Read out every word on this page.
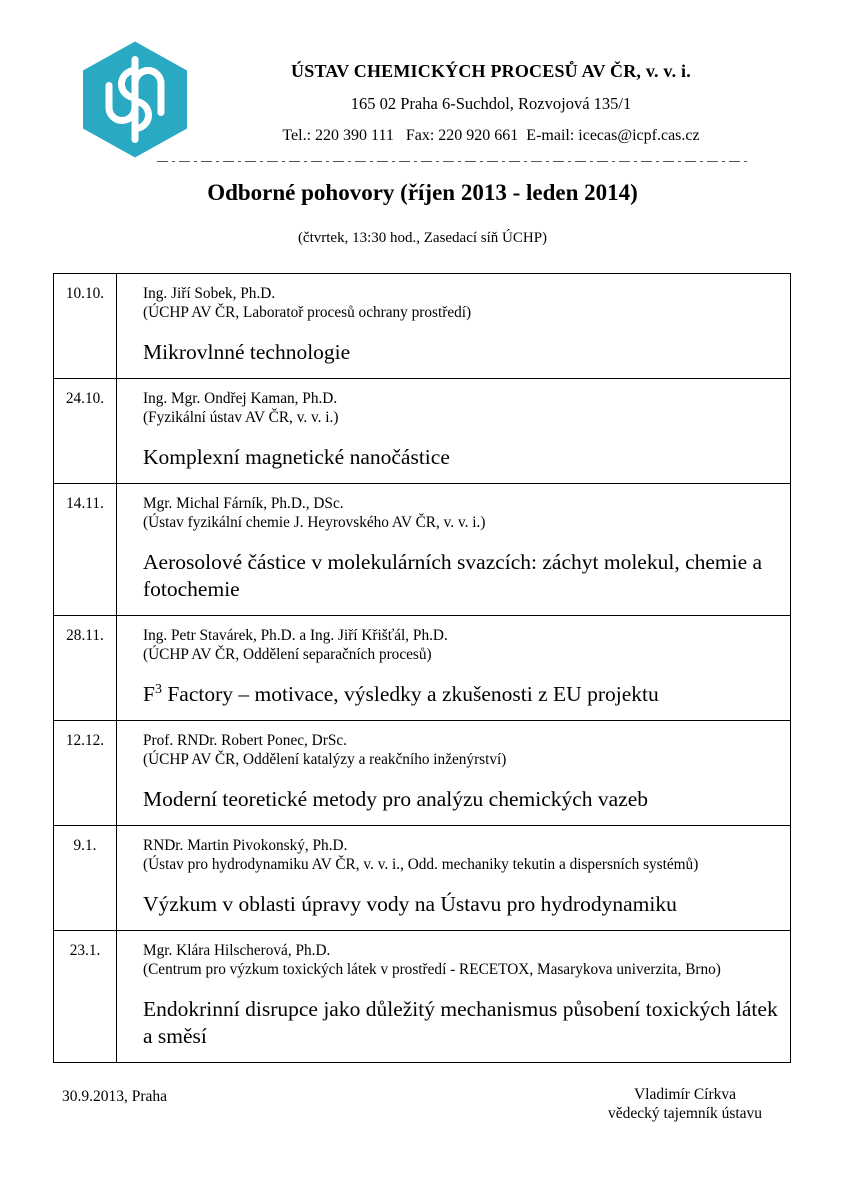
ÚSTAV CHEMICKÝCH PROCESŮ AV ČR, v. v. i.
165 02 Praha 6-Suchdol, Rozvojová 135/1
Tel.: 220 390 111   Fax: 220 920 661  E-mail: icecas@icpf.cas.cz
Odborné pohovory (říjen 2013 - leden 2014)
(čtvrtek, 13:30 hod., Zasedací síň ÚCHP)
10.10.	Ing. Jiří Sobek, Ph.D.
(ÚCHP AV ČR, Laboratoř procesů ochrany prostředí)
Mikrovlnné technologie

24.10.	Ing. Mgr. Ondřej Kaman, Ph.D.
(Fyzikální ústav AV ČR, v. v. i.)
Komplexní magnetické nanočástice

14.11.	Mgr. Michal Fárník, Ph.D., DSc.
(Ústav fyzikální chemie J. Heyrovského AV ČR, v. v. i.)
Aerosolové částice v molekulárních svazcích: záchyt molekul, chemie a fotochemie

28.11.	Ing. Petr Stavárek, Ph.D. a Ing. Jiří Křišťál, Ph.D.
(ÚCHP AV ČR, Oddělení separačních procesů)
$F^3$ Factory – motivace, výsledky a zkušenosti z EU projektu

12.12.	Prof. RNDr. Robert Ponec, DrSc.
(ÚCHP AV ČR, Oddělení katalýzy a reakčního inženýrství)
Moderní teoretické metody pro analýzu chemických vazeb

9.1.	RNDr. Martin Pivokonský, Ph.D.
(Ústav pro hydrodynamiku AV ČR, v. v. i., Odd. mechaniky tekutin a dispersních systémů)
Výzkum v oblasti úpravy vody na Ústavu pro hydrodynamiku

23.1.	Mgr. Klára Hilscherová, Ph.D.
(Centrum pro výzkum toxických látek v prostředí - RECETOX, Masarykova univerzita, Brno)
Endokrinní disrupce jako důležitý mechanismus působení toxických látek a směsí
30.9.2013, Praha	Vladimír Církva
vědecký tajemník ústavu
